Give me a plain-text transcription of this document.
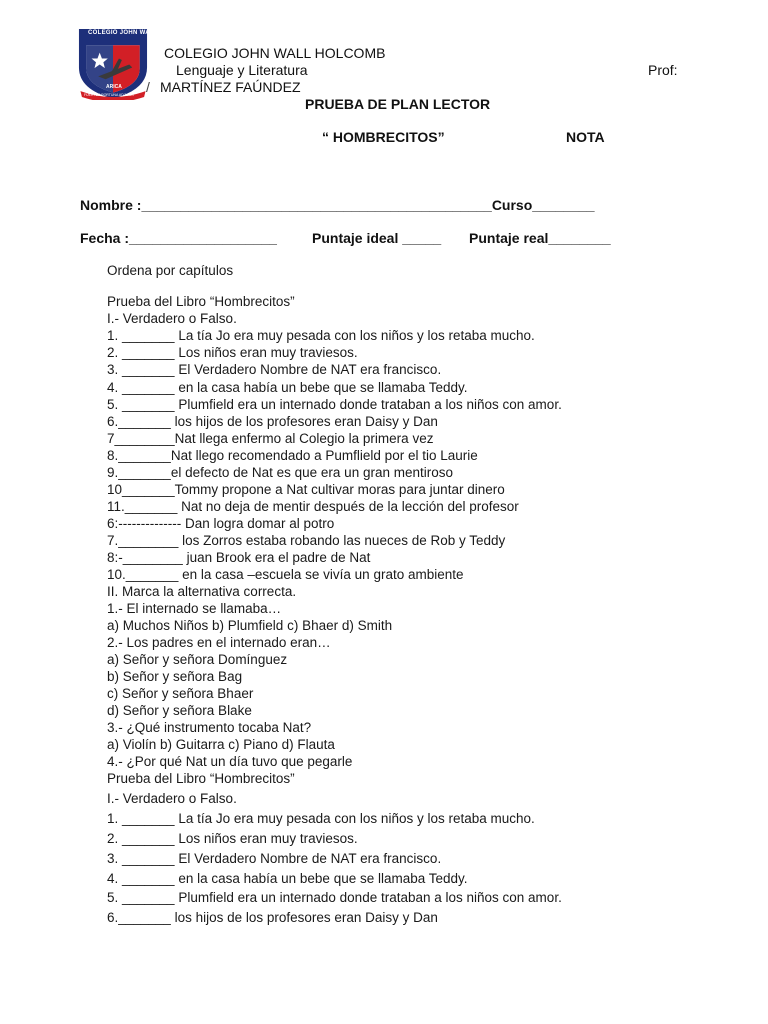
COLEGIO JOHN WALL
ARICA
FUERTES PORTUNA ADJUVAT
COLEGIO JOHN WALL HOLCOMB
Lenguaje y Literatura	Prof:
MARTÍNEZ FAÚNDEZ
/
PRUEBA DE PLAN LECTOR
“ HOMBRECITOS”	NOTA
Nombre :_____________________________________________Curso________
Fecha :___________________	Puntaje ideal _____ Puntaje real________
Ordena por capítulos
Prueba del Libro “Hombrecitos”
I.- Verdadero o Falso.
1. _______ La tía Jo era muy pesada con los niños y los retaba mucho.
2. _______ Los niños eran muy traviesos.
3. _______ El Verdadero Nombre de NAT era francisco.
4. _______ en la casa había un bebe que se llamaba Teddy.
5. _______ Plumfield era un internado donde trataban a los niños con amor.
6._______ los hijos de los profesores eran Daisy y Dan
7________Nat llega enfermo al Colegio la primera vez
8._______Nat llego recomendado a Pumflield por el tio Laurie
9._______el defecto de Nat es que era un gran mentiroso
10_______Tommy propone a Nat cultivar moras para juntar dinero
11._______ Nat no deja de mentir después de la lección del profesor
6:-------------- Dan logra domar al potro
7.________ los Zorros estaba robando las nueces de Rob y Teddy
8:-________ juan Brook era el padre de Nat
10._______ en la casa –escuela se vivía un grato ambiente
II. Marca la alternativa correcta.
1.- El internado se llamaba…
a) Muchos Niños b) Plumfield c) Bhaer d) Smith
2.- Los padres en el internado eran…
a) Señor y señora Domínguez
b) Señor y señora Bag
c) Señor y señora Bhaer
d) Señor y señora Blake
3.- ¿Qué instrumento tocaba Nat?
a) Violín b) Guitarra c) Piano d) Flauta
4.- ¿Por qué Nat un día tuvo que pegarle
Prueba del Libro “Hombrecitos”
I.- Verdadero o Falso.
1. _______ La tía Jo era muy pesada con los niños y los retaba mucho.
2. _______ Los niños eran muy traviesos.
3. _______ El Verdadero Nombre de NAT era francisco.
4. _______ en la casa había un bebe que se llamaba Teddy.
5. _______ Plumfield era un internado donde trataban a los niños con amor.
6._______ los hijos de los profesores eran Daisy y Dan
